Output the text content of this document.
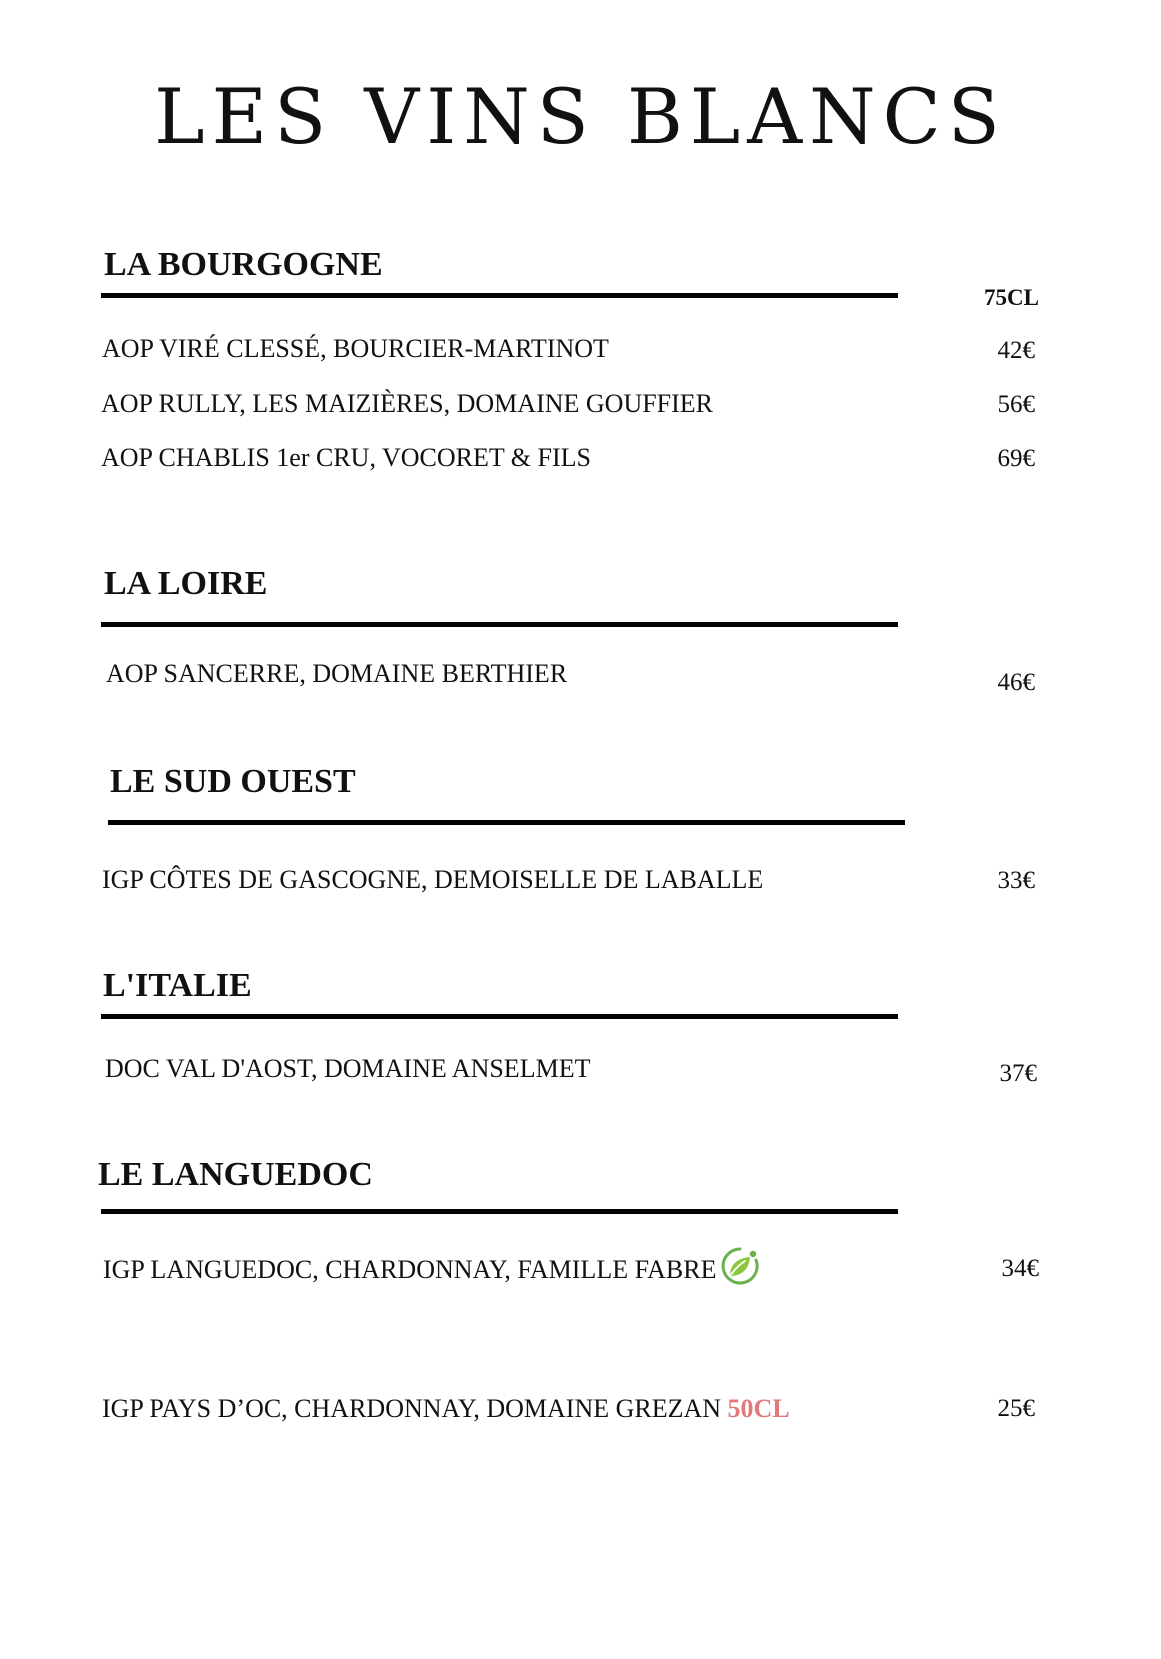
LES VINS BLANCS
LA BOURGOGNE
75CL
AOP VIRÉ CLESSÉ, BOURCIER-MARTINOT	42€
AOP RULLY, LES MAIZIÈRES, DOMAINE GOUFFIER	56€
AOP CHABLIS 1er CRU, VOCORET & FILS	69€
LA LOIRE
AOP SANCERRE, DOMAINE BERTHIER	46€
LE SUD OUEST
IGP CÔTES DE GASCOGNE, DEMOISELLE DE LABALLE	33€
L'ITALIE
DOC VAL D'AOST, DOMAINE ANSELMET	37€
LE LANGUEDOC
IGP LANGUEDOC, CHARDONNAY, FAMILLE FABRE	34€
IGP PAYS D’OC, CHARDONNAY, DOMAINE GREZAN 50CL	25€
